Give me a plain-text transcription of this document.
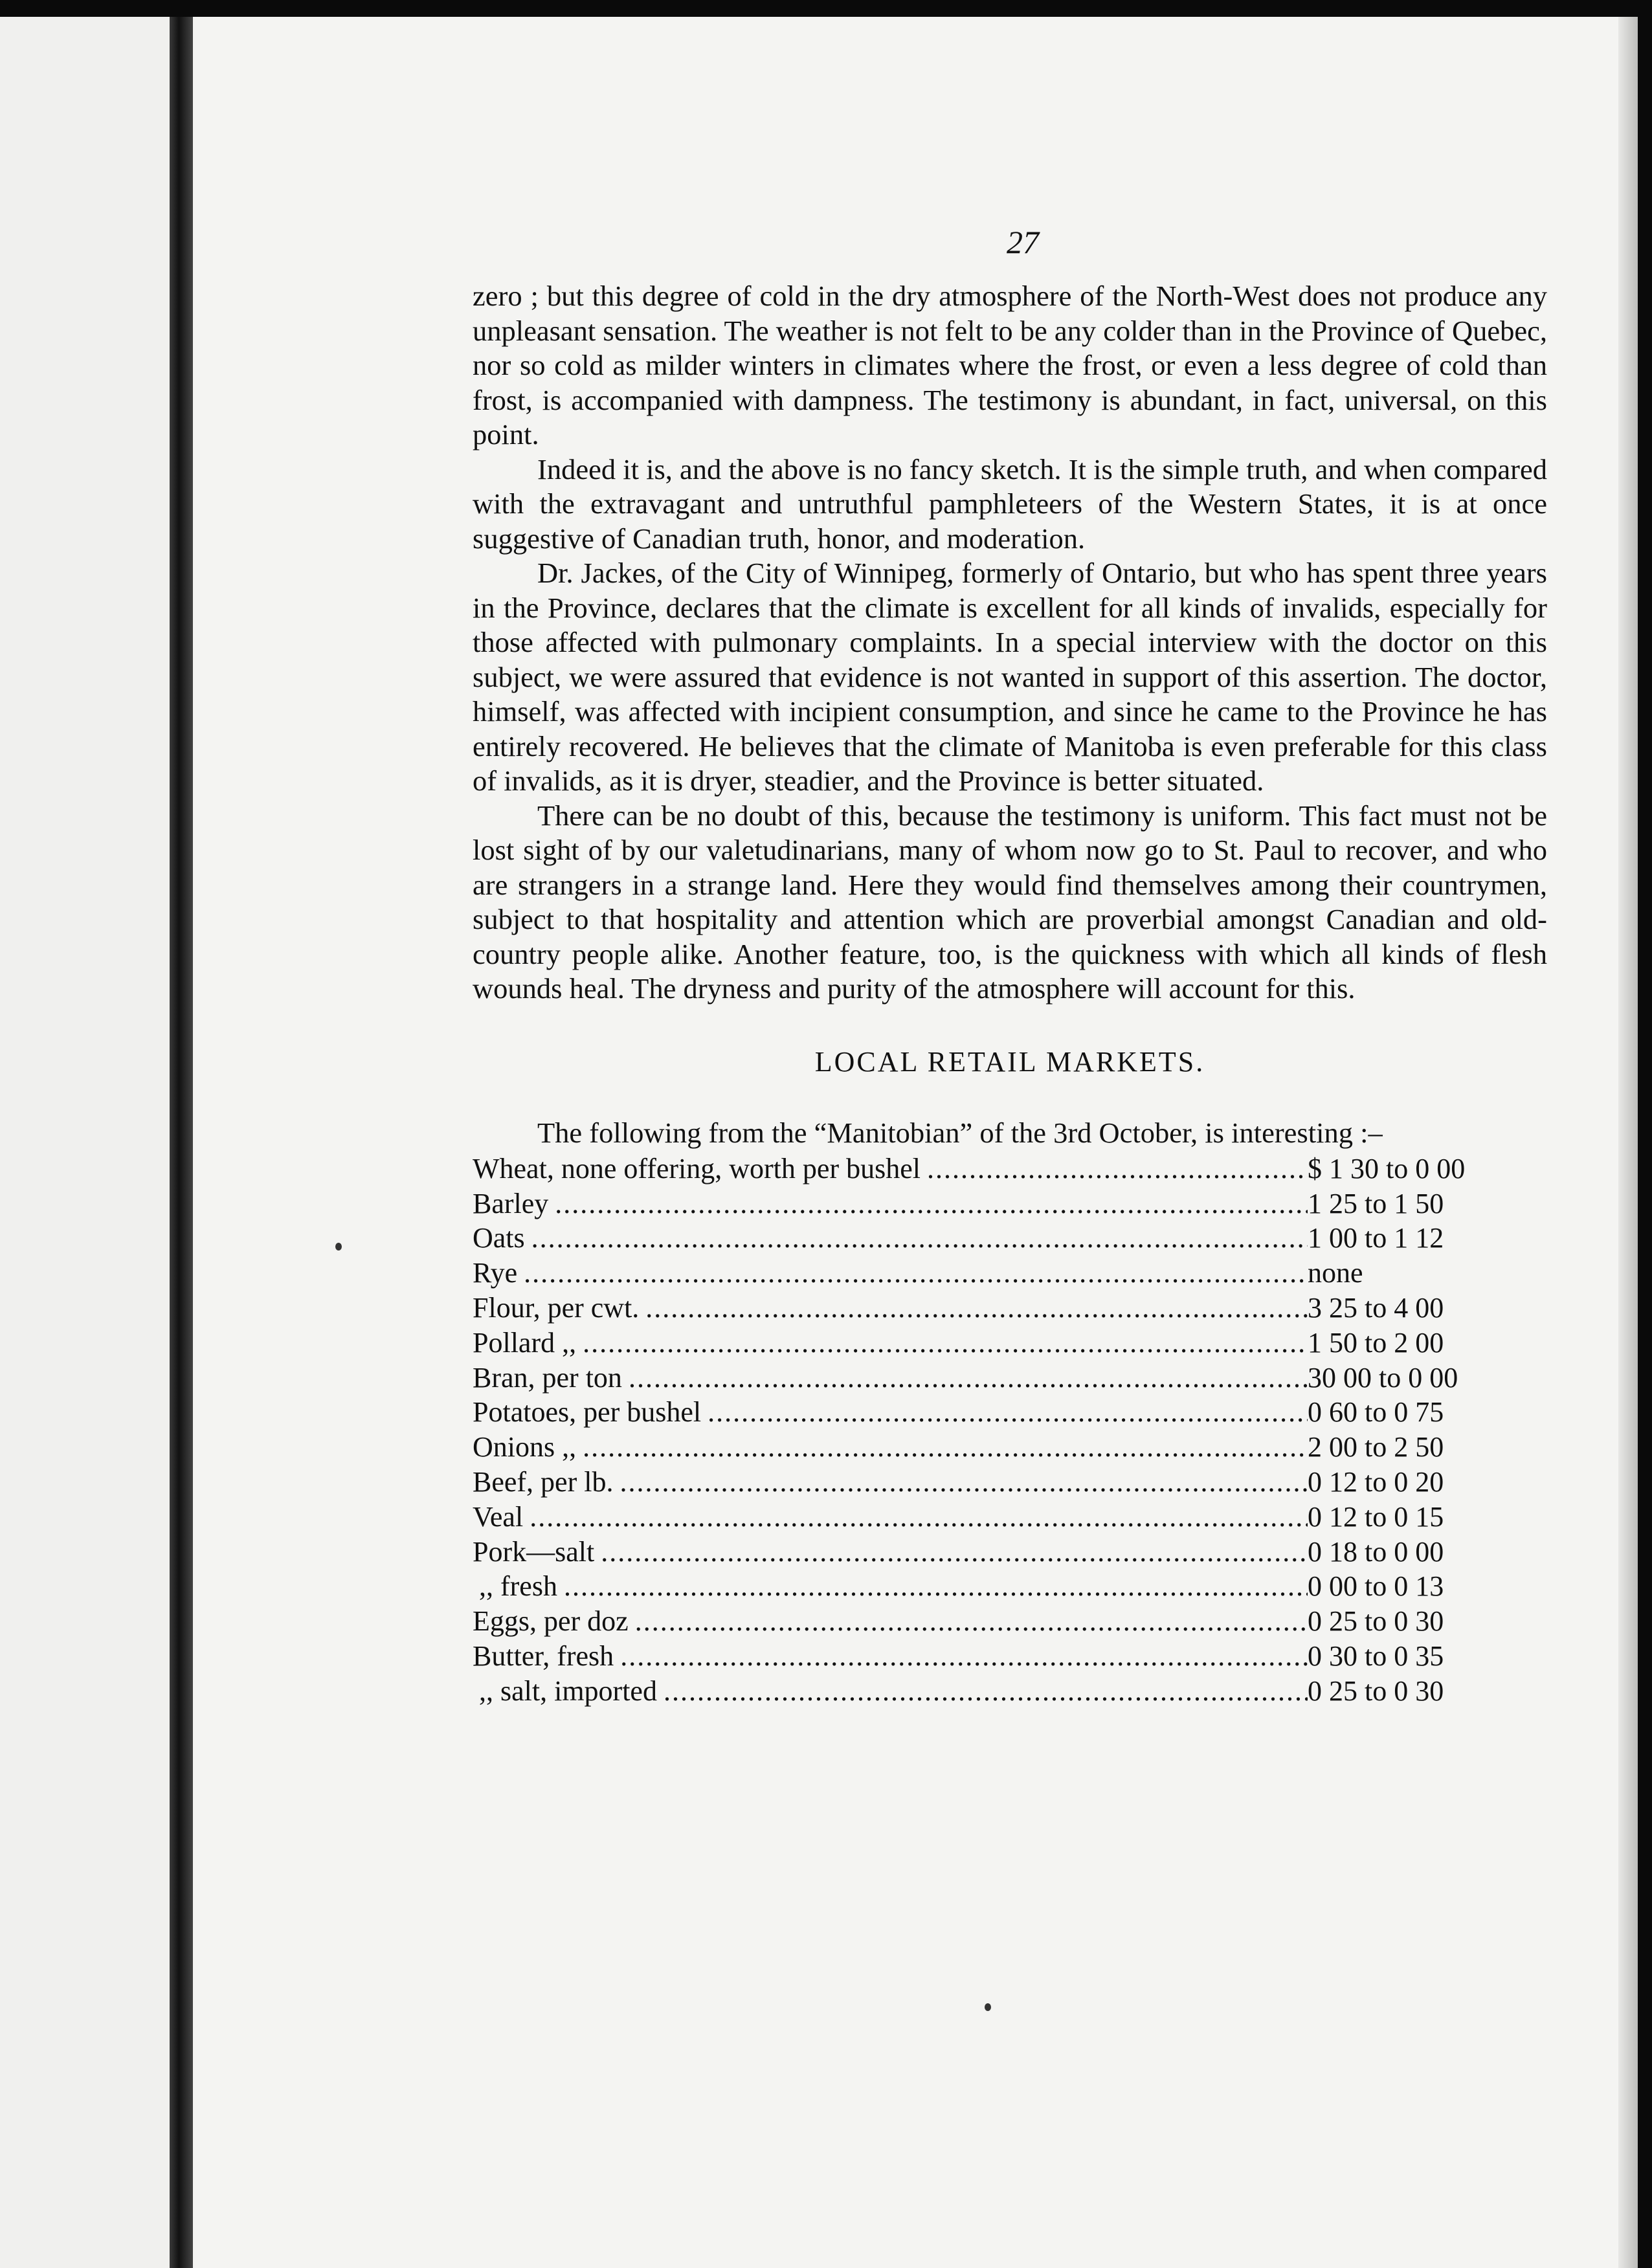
27

zero ; but this degree of cold in the dry atmosphere of the North-West does not produce any unpleasant sensation. The weather is not felt to be any colder than in the Province of Quebec, nor so cold as milder winters in climates where the frost, or even a less degree of cold than frost, is accompanied with dampness. The testimony is abundant, in fact, universal, on this point.

Indeed it is, and the above is no fancy sketch. It is the simple truth, and when compared with the extravagant and untruthful pamphleteers of the Western States, it is at once suggestive of Canadian truth, honor, and moderation.

Dr. Jackes, of the City of Winnipeg, formerly of Ontario, but who has spent three years in the Province, declares that the climate is excellent for all kinds of invalids, especially for those affected with pulmonary complaints. In a special interview with the doctor on this subject, we were assured that evidence is not wanted in support of this assertion. The doctor, himself, was affected with incipient consumption, and since he came to the Province he has entirely recovered. He believes that the climate of Manitoba is even preferable for this class of invalids, as it is dryer, steadier, and the Province is better situated.

There can be no doubt of this, because the testimony is uniform. This fact must not be lost sight of by our valetudinarians, many of whom now go to St. Paul to recover, and who are strangers in a strange land. Here they would find themselves among their countrymen, subject to that hospitality and attention which are proverbial amongst Canadian and old-country people alike. Another feature, too, is the quickness with which all kinds of flesh wounds heal. The dryness and purity of the atmosphere will account for this.

LOCAL RETAIL MARKETS.

The following from the “Manitobian” of the 3rd October, is interesting :–

Wheat, none offering, worth per bushel
.....	$ 1 30 to 0 00

Barley
.....	1 25 to 1 50

Oats
.....	1 00 to 1 12

Rye
.....	none

Flour, per cwt.
.....	3 25 to 4 00

Pollard ,,
.....	1 50 to 2 00

Bran, per ton
.....	30 00 to 0 00

Potatoes, per bushel
.....	0 60 to 0 75

Onions ,,
.....	2 00 to 2 50

Beef, per lb.
.....	0 12 to 0 20

Veal
.....	0 12 to 0 15

Pork—salt
.....	0 18 to 0 00

,, fresh
.....	0 00 to 0 13

Eggs, per doz
.....	0 25 to 0 30

Butter, fresh
.....	0 30 to 0 35

,, salt, imported
.....	0 25 to 0 30
